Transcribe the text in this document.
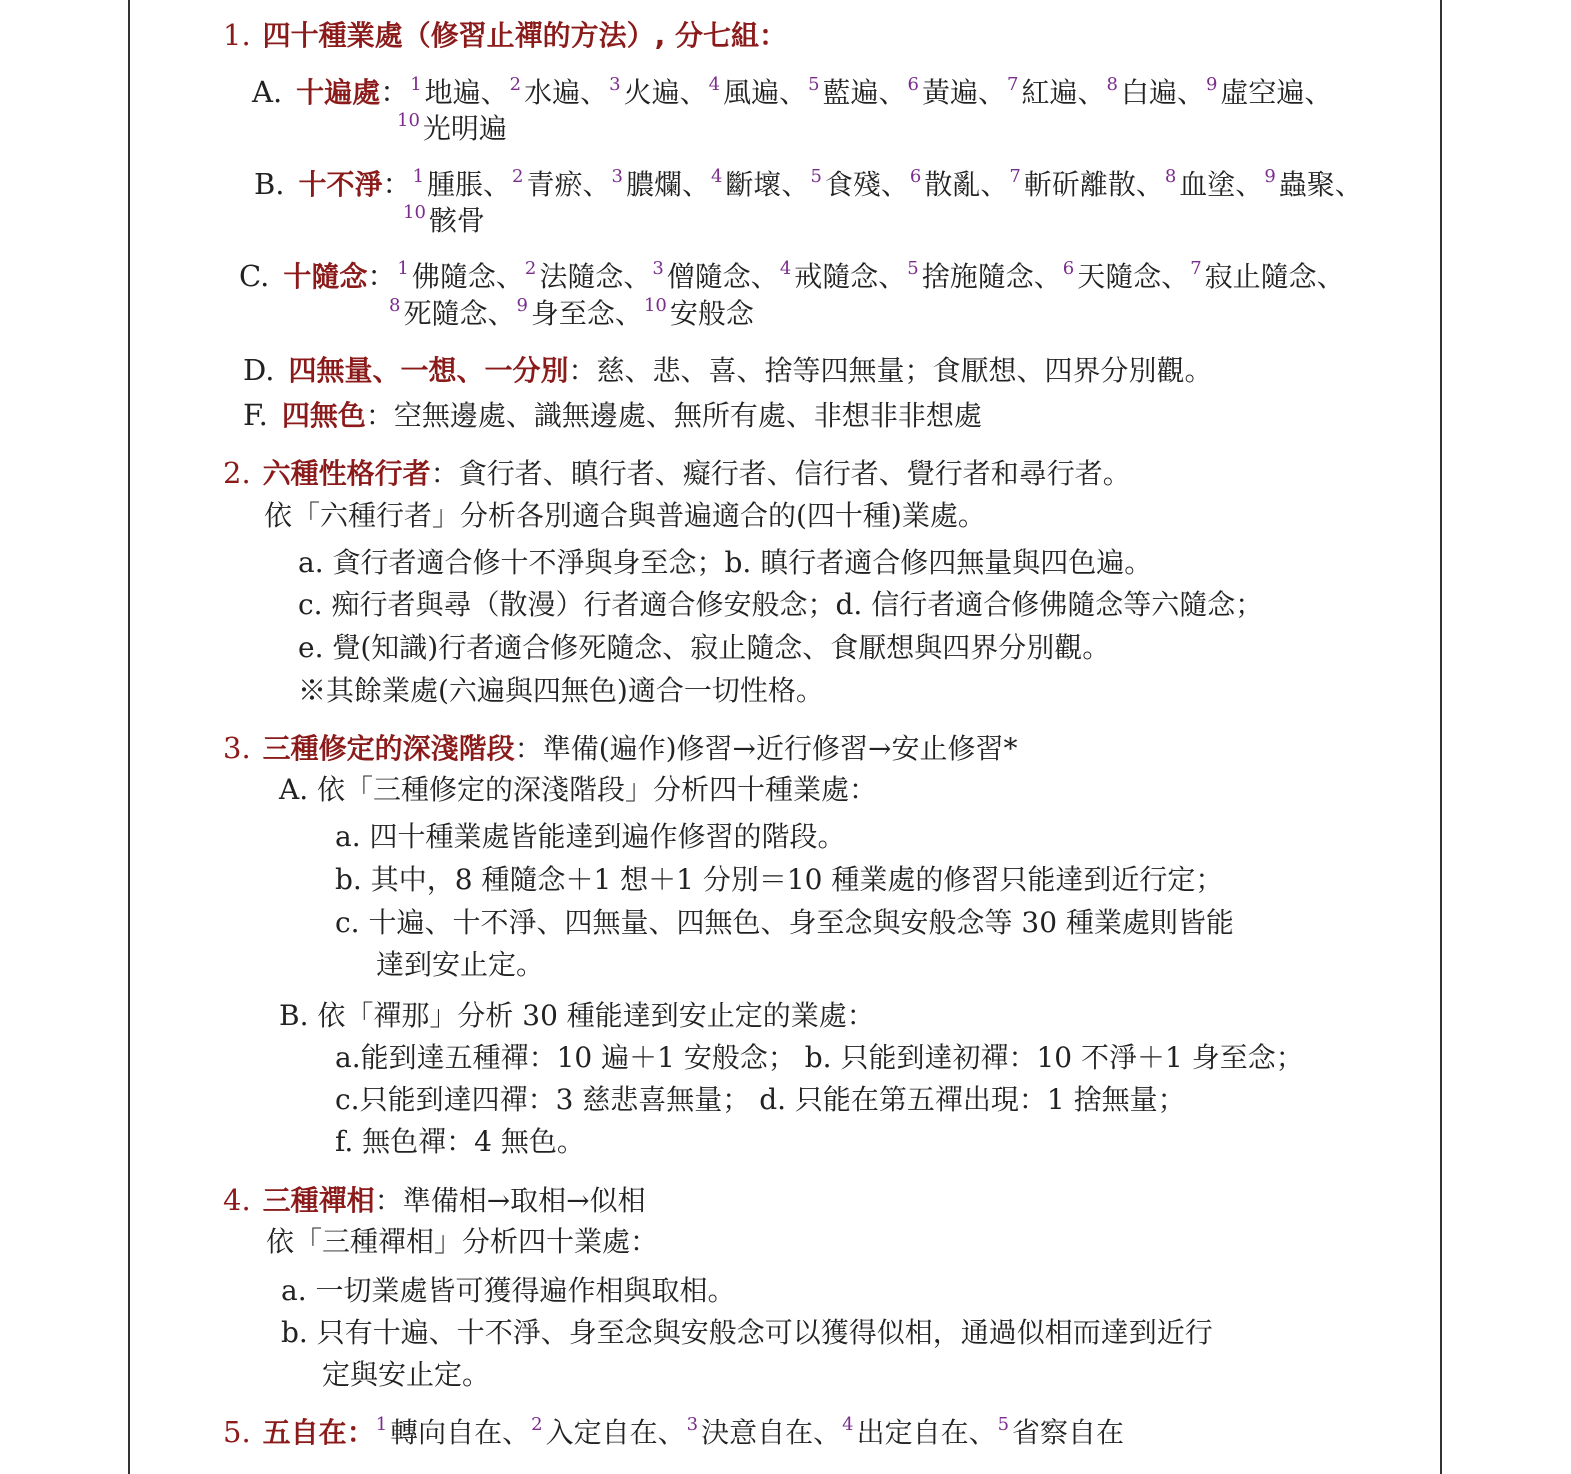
1. 四十種業處（修習止禪的方法）, 分七組：
A. 十遍處：$^1$ 地遍、$^2$ 水遍、$^3$ 火遍、$^4$ 風遍、$^5$ 藍遍、$^6$ 黃遍、$^7$ 紅遍、$^8$ 白遍、$^9$ 虛空遍、
$^{10}$ 光明遍
B. 十不淨：$^1$ 腫脹、$^2$ 青瘀、$^3$ 膿爛、$^4$ 斷壞、$^5$ 食殘、$^6$ 散亂、$^7$ 斬斫離散、$^8$ 血塗、$^9$ 蟲聚、
$^{10}$ 骸骨
C. 十隨念：$^1$ 佛隨念、$^2$ 法隨念、$^3$ 僧隨念、$^4$ 戒隨念、$^5$ 捨施隨念、$^6$ 天隨念、$^7$ 寂止隨念、
$^8$ 死隨念、$^9$ 身至念、$^{10}$ 安般念
D. 四無量、一想、一分別：慈、悲、喜、捨等四無量；食厭想、四界分別觀。
F. 四無色：空無邊處、識無邊處、無所有處、非想非非想處
2. 六種性格行者：貪行者、瞋行者、癡行者、信行者、覺行者和尋行者。
依「六種行者」分析各別適合與普遍適合的(四十種)業處。
a. 貪行者適合修十不淨與身至念；b. 瞋行者適合修四無量與四色遍。
c. 痴行者與尋（散漫）行者適合修安般念；d. 信行者適合修佛隨念等六隨念；
e. 覺(知識)行者適合修死隨念、寂止隨念、食厭想與四界分別觀。
※其餘業處(六遍與四無色)適合一切性格。
3. 三種修定的深淺階段：準備(遍作)修習→近行修習→安止修習*
A. 依「三種修定的深淺階段」分析四十種業處：
a. 四十種業處皆能達到遍作修習的階段。
b. 其中，8 種隨念＋1 想＋1 分別＝10 種業處的修習只能達到近行定；
c. 十遍、十不淨、四無量、四無色、身至念與安般念等 30 種業處則皆能
達到安止定。
B. 依「禪那」分析 30 種能達到安止定的業處：
a.能到達五種禪：10 遍＋1 安般念； b. 只能到達初禪：10 不淨＋1 身至念；
c.只能到達四禪：3 慈悲喜無量； d. 只能在第五禪出現：1 捨無量；
f. 無色禪：4 無色。
4. 三種禪相：準備相→取相→似相
依「三種禪相」分析四十業處：
a. 一切業處皆可獲得遍作相與取相。
b. 只有十遍、十不淨、身至念與安般念可以獲得似相，通過似相而達到近行
定與安止定。
5. 五自在：$^1$ 轉向自在、$^2$ 入定自在、$^3$ 決意自在、$^4$ 出定自在、$^5$ 省察自在
